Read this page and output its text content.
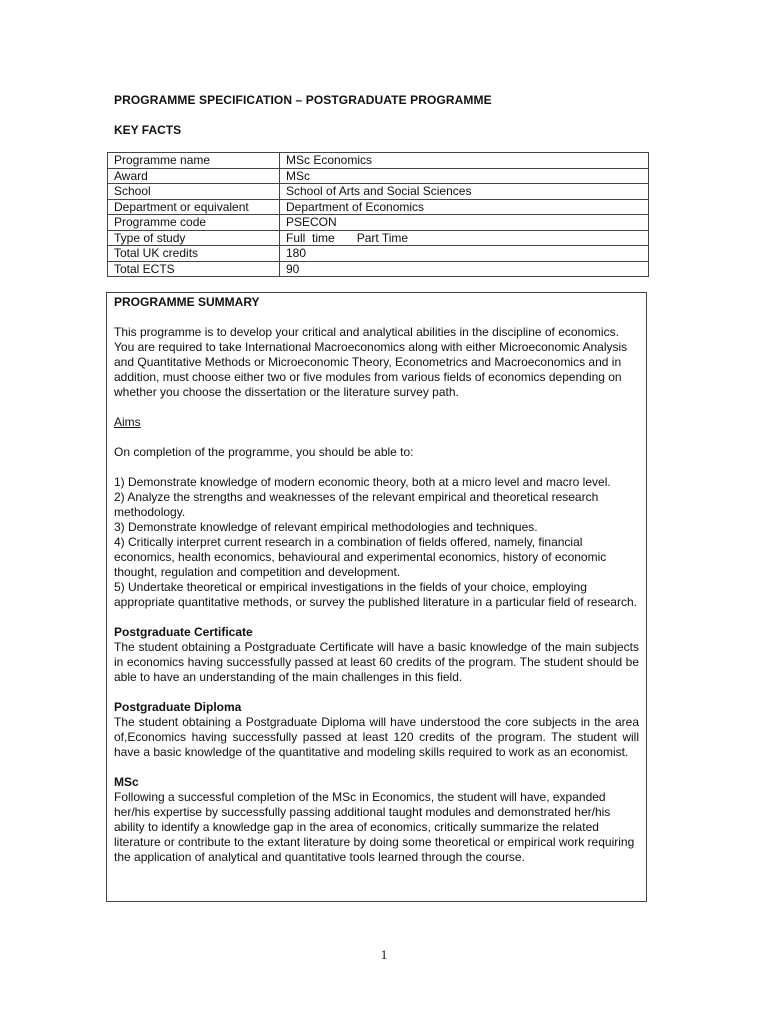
PROGRAMME SPECIFICATION – POSTGRADUATE PROGRAMME
KEY FACTS
Programme name	MSc Economics
Award	MSc
School	School of Arts and Social Sciences
Department or equivalent	Department of Economics
Programme code	PSECON
Type of study	Full  time Part Time
Total UK credits	180
Total ECTS	90

PROGRAMME SUMMARY

This programme is to develop your critical and analytical abilities in the discipline of economics. You are required to take International Macroeconomics along with either Microeconomic Analysis and Quantitative Methods or Microeconomic Theory, Econometrics and Macroeconomics and in addition, must choose either two or five modules from various fields of economics depending on whether you choose the dissertation or the literature survey path.

Aims

On completion of the programme, you should be able to:

1) Demonstrate knowledge of modern economic theory, both at a micro level and macro level.

2) Analyze the strengths and weaknesses of the relevant empirical and theoretical research methodology.

3) Demonstrate knowledge of relevant empirical methodologies and techniques.

4) Critically interpret current research in a combination of fields offered, namely, financial economics, health economics, behavioural and experimental economics, history of economic thought, regulation and competition and development.

5) Undertake theoretical or empirical investigations in the fields of your choice, employing appropriate quantitative methods, or survey the published literature in a particular field of research.

Postgraduate Certificate

The student obtaining a Postgraduate Certificate will have a basic knowledge of the main subjects in economics having successfully passed at least 60 credits of the program. The student should be able to have an understanding of the main challenges in this field.

Postgraduate Diploma

The student obtaining a Postgraduate Diploma will have understood the core subjects in the area of,Economics having successfully passed at least 120 credits of the program. The student will have a basic knowledge of the quantitative and modeling skills required to work as an economist.

MSc

Following a successful completion of the MSc in Economics, the student will have, expanded her/his expertise by successfully passing additional taught modules and demonstrated her/his ability to identify a knowledge gap in the area of economics, critically summarize the related literature or contribute to the extant literature by doing some theoretical or empirical work requiring the application of analytical and quantitative tools learned through the course.

1
